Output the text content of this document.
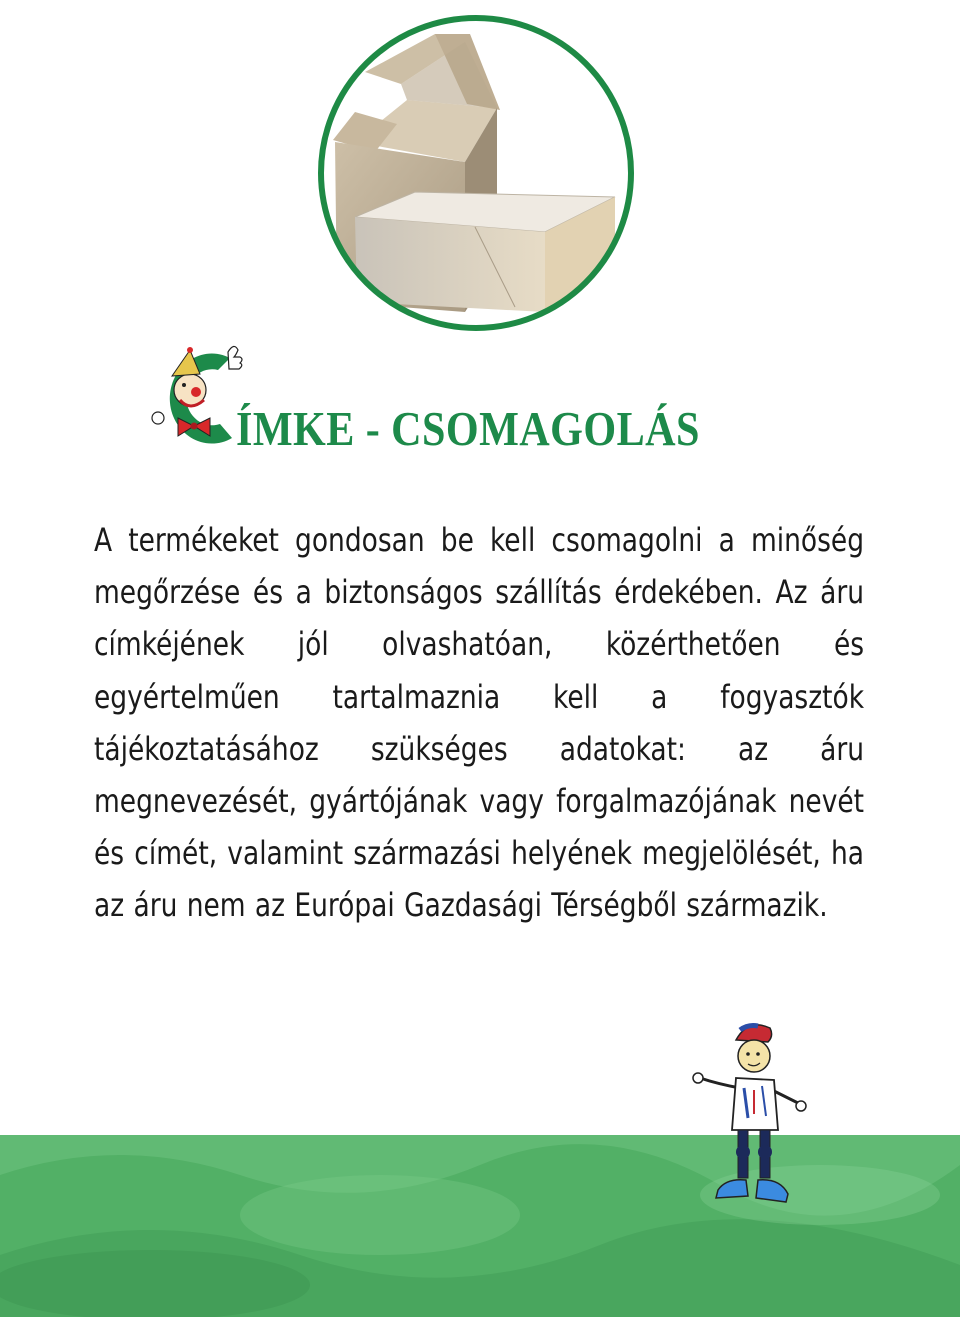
ÍMKE - CSOMAGOLÁS

A termékeket gondosan be kell csomagolni a minőség megőrzése és a biztonságos szállítás érdekében. Az áru címkéjének jól olvashatóan, közérthetően és egyértelműen tartalmaznia kell a fogyasztók tájékoztatásához szükséges adatokat: az áru megnevezését, gyártójának vagy forgalmazójának nevét és címét, valamint származási helyének megjelölését, ha az áru nem az Európai Gazdasági Térségből származik.
